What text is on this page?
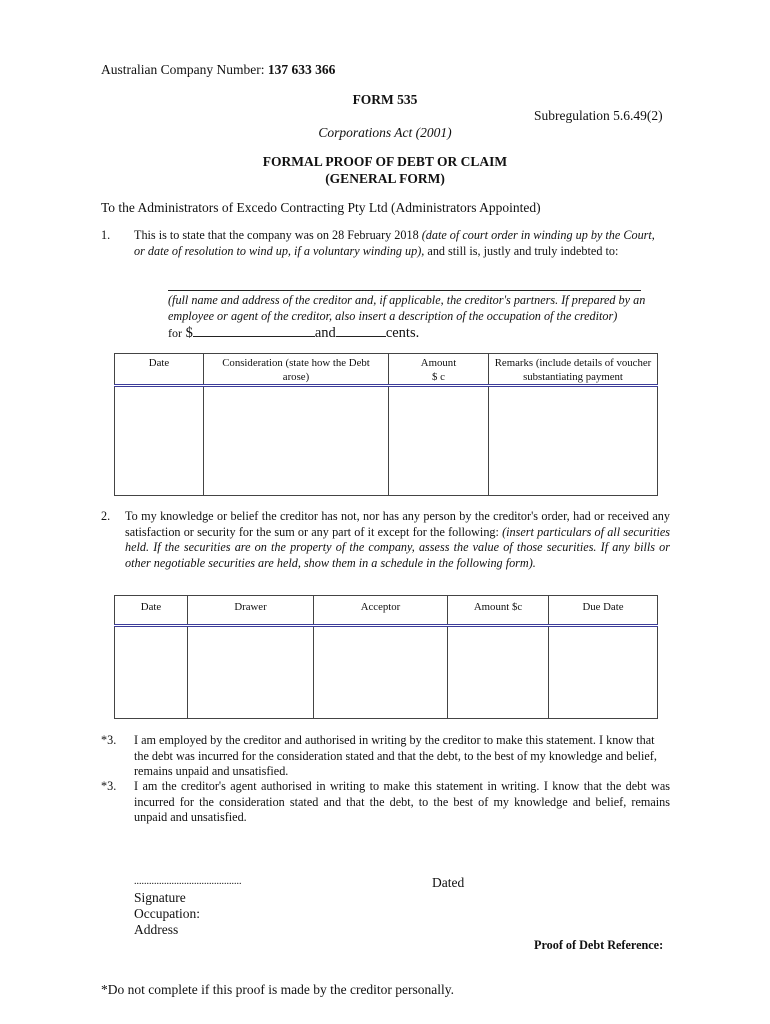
Australian Company Number: 137 633 366
FORM 535
Subregulation 5.6.49(2)
Corporations Act (2001)
FORMAL PROOF OF DEBT OR CLAIM
(GENERAL FORM)
To the Administrators of Excedo Contracting Pty Ltd (Administrators Appointed)
1. This is to state that the company was on 28 February 2018 (date of court order in winding up by the Court, or date of resolution to wind up, if a voluntary winding up), and still is, justly and truly indebted to:
(full name and address of the creditor and, if applicable, the creditor's partners. If prepared by an employee or agent of the creditor, also insert a description of the occupation of the creditor)
for $	and	cents.
Date	Consideration (state how the Debt arose)	Amount $ c	Remarks (include details of voucher substantiating payment

2. To my knowledge or belief the creditor has not, nor has any person by the creditor's order, had or received any satisfaction or security for the sum or any part of it except for the following: (insert particulars of all securities held. If the securities are on the property of the company, assess the value of those securities. If any bills or other negotiable securities are held, show them in a schedule in the following form).
Date	Drawer	Acceptor	Amount $c	Due Date

*3. I am employed by the creditor and authorised in writing by the creditor to make this statement. I know that the debt was incurred for the consideration stated and that the debt, to the best of my knowledge and belief, remains unpaid and unsatisfied.
*3. I am the creditor's agent authorised in writing to make this statement in writing. I know that the debt was incurred for the consideration stated and that the debt, to the best of my knowledge and belief, remains unpaid and unsatisfied.
...........................................	Dated
Signature
Occupation:
Address
Proof of Debt Reference:
*Do not complete if this proof is made by the creditor personally.
